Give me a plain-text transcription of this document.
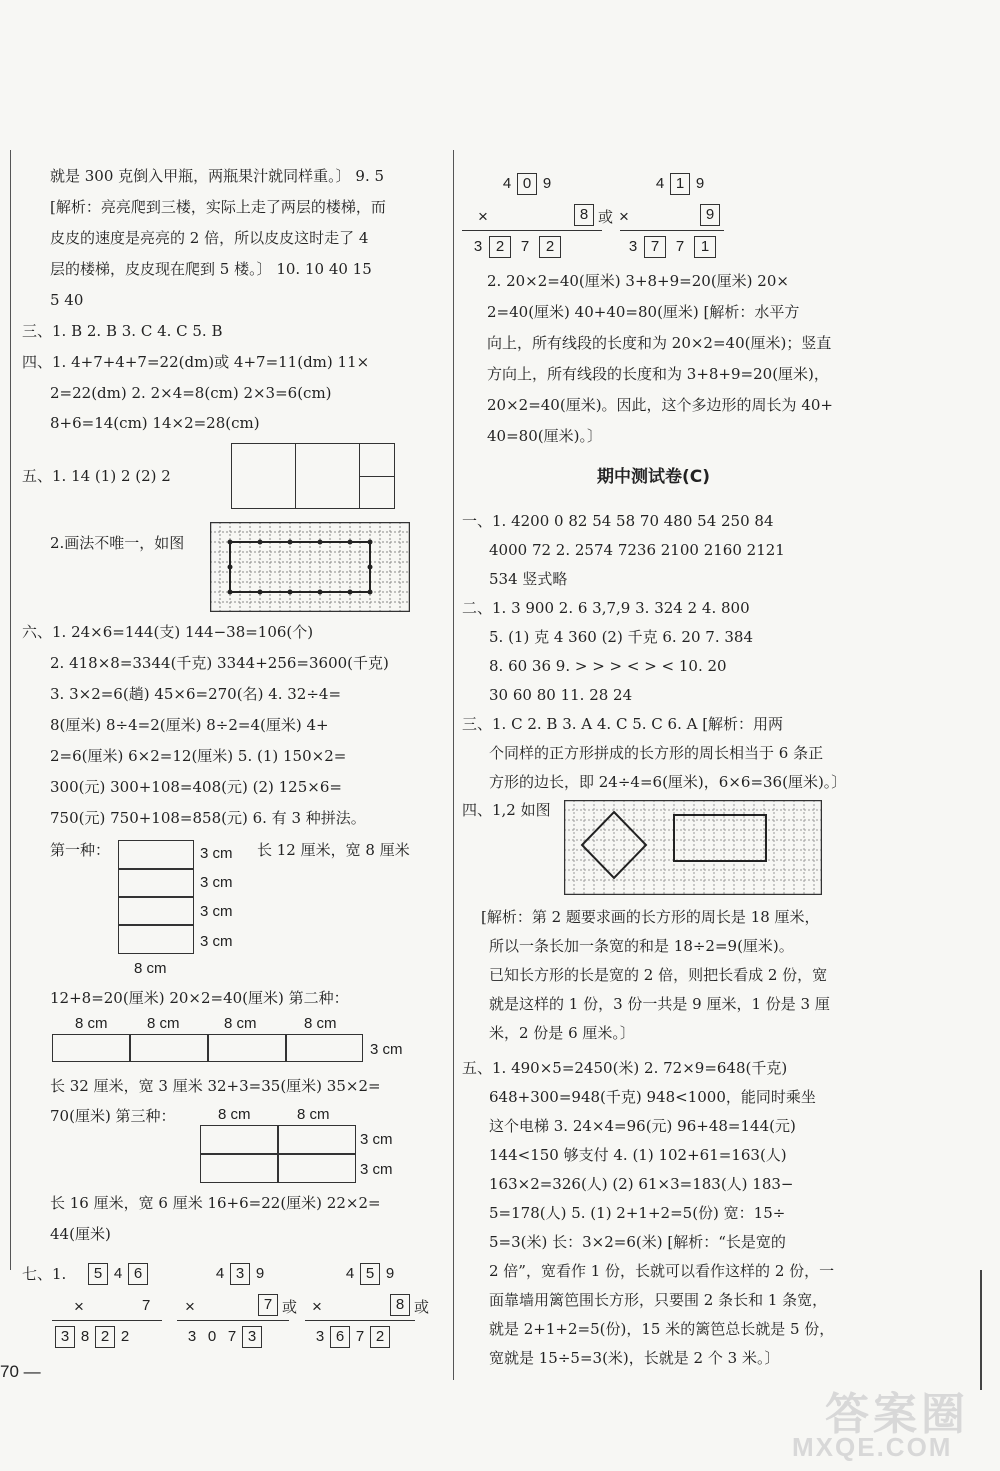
就是 300 克倒入甲瓶，两瓶果汁就同样重。〕 9. 5
[解析：亮亮爬到三楼，实际上走了两层的楼梯，而
皮皮的速度是亮亮的 2 倍，所以皮皮这时走了 4
层的楼梯，皮皮现在爬到 5 楼。〕 10. 10 40 15
5 40
三、1. B 2. B 3. C 4. C 5. B
四、1. 4+7+4+7=22(dm)或 4+7=11(dm) 11×
2=22(dm) 2. 2×4=8(cm) 2×3=6(cm)
8+6=14(cm) 14×2=28(cm)
五、1. 14 (1) 2 (2) 2
2.画法不唯一，如图
六、1. 24×6=144(支) 144−38=106(个)
2. 418×8=3344(千克) 3344+256=3600(千克)
3. 3×2=6(趟) 45×6=270(名) 4. 32÷4=
8(厘米) 8÷4=2(厘米) 8÷2=4(厘米) 4+
2=6(厘米) 6×2=12(厘米) 5. (1) 150×2=
300(元) 300+108=408(元) (2) 125×6=
750(元) 750+108=858(元) 6. 有 3 种拼法。
第一种：	3 cm
3 cm
3 cm
3 cm
8 cm
长 12 厘米，宽 8 厘米
12+8=20(厘米) 20×2=40(厘米) 第二种：
8 cm	8 cm	8 cm	8 cm
3 cm
长 32 厘米，宽 3 厘米 32+3=35(厘米) 35×2=
70(厘米) 第三种：	8 cm	8 cm
3 cm
3 cm
长 16 厘米，宽 6 厘米 16+6=22(厘米) 22×2=
44(厘米)
七、1.	5 4 6
×	7
3 8 2 2
4 3 9
×	7 或
3 0 7 3
4 5 9
×	8 或
3 6 7 2
70 —
4 0 9
×	8 或
3 2 7 2
4 1 9
×	9
3 7 7 1
2. 20×2=40(厘米) 3+8+9=20(厘米) 20×
2=40(厘米) 40+40=80(厘米) [解析：水平方
向上，所有线段的长度和为 20×2=40(厘米)；竖直
方向上，所有线段的长度和为 3+8+9=20(厘米)，
20×2=40(厘米)。因此，这个多边形的周长为 40+
40=80(厘米)。〕
期中测试卷(C)
一、1. 4200 0 82 54 58 70 480 54 250 84
4000 72 2. 2574 7236 2100 2160 2121
534 竖式略
二、1. 3 900 2. 6 3,7,9 3. 324 2 4. 800
5. (1) 克 4 360 (2) 千克 6. 20 7. 384
8. 60 36 9. > > > < > < 10. 20
30 60 80 11. 28 24
三、1. C 2. B 3. A 4. C 5. C 6. A [解析：用两
个同样的正方形拼成的长方形的周长相当于 6 条正
方形的边长，即 24÷4=6(厘米)，6×6=36(厘米)。〕
四、1,2 如图
[解析：第 2 题要求画的长方形的周长是 18 厘米，
所以一条长加一条宽的和是 18÷2=9(厘米)。
已知长方形的长是宽的 2 倍，则把长看成 2 份，宽
就是这样的 1 份，3 份一共是 9 厘米，1 份是 3 厘
米，2 份是 6 厘米。〕
五、1. 490×5=2450(米) 2. 72×9=648(千克)
648+300=948(千克) 948<1000，能同时乘坐
这个电梯 3. 24×4=96(元) 96+48=144(元)
144<150 够支付 4. (1) 102+61=163(人)
163×2=326(人) (2) 61×3=183(人) 183−
5=178(人) 5. (1) 2+1+2=5(份) 宽：15÷
5=3(米) 长：3×2=6(米) [解析：“长是宽的
2 倍”，宽看作 1 份，长就可以看作这样的 2 份，一
面靠墙用篱笆围长方形，只要围 2 条长和 1 条宽，
就是 2+1+2=5(份)，15 米的篱笆总长就是 5 份，
宽就是 15÷5=3(米)，长就是 2 个 3 米。〕
答案圈
MXQE.COM
